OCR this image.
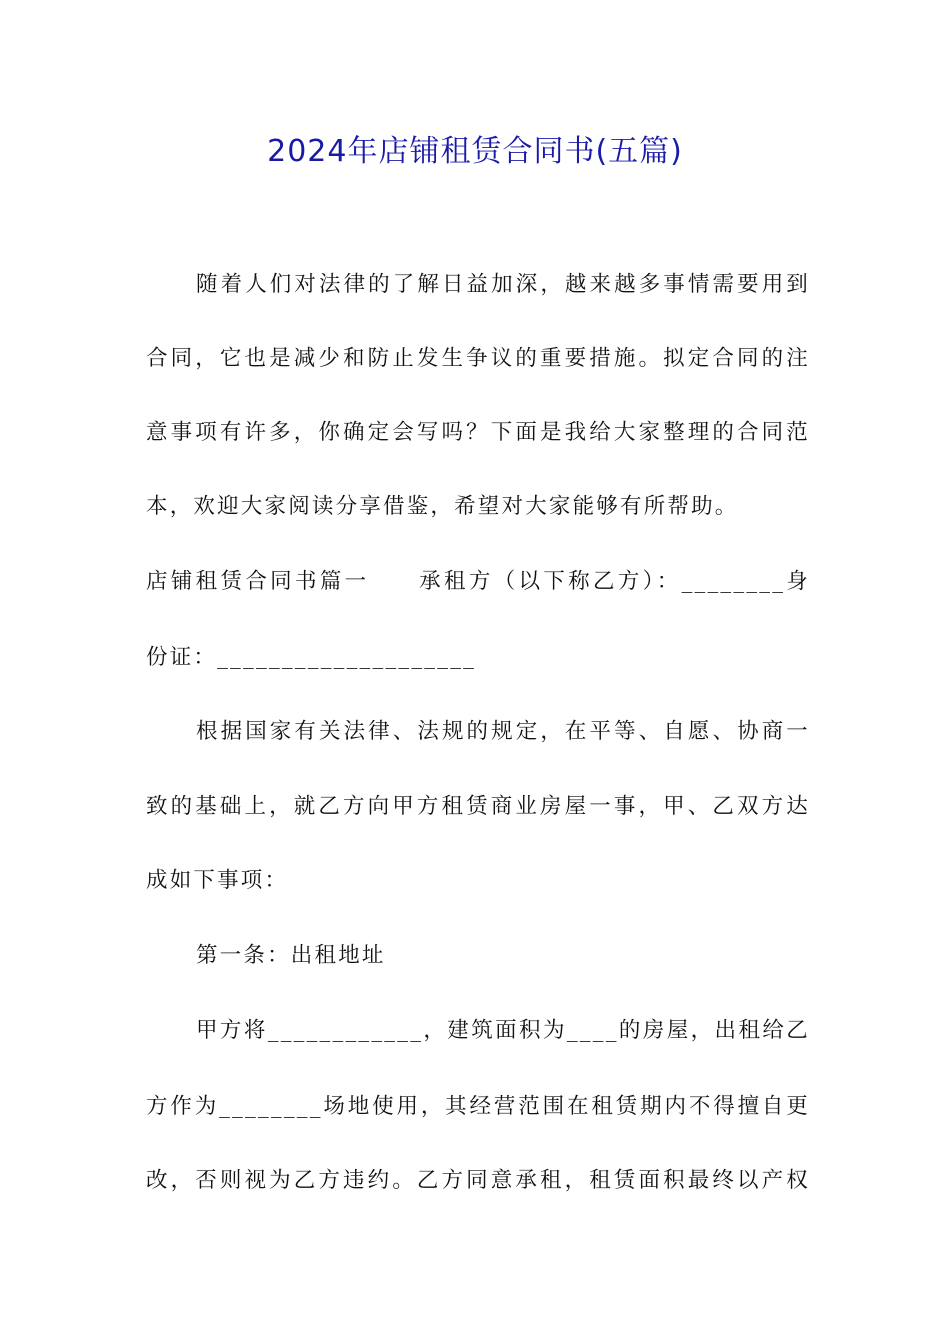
2024年店铺租赁合同书(五篇)
随着人们对法律的了解日益加深，越来越多事情需要用到
合同，它也是减少和防止发生争议的重要措施。拟定合同的注
意事项有许多，你确定会写吗？下面是我给大家整理的合同范
本，欢迎大家阅读分享借鉴，希望对大家能够有所帮助。
店铺租赁合同书篇一　　承租方（以下称乙方）：________身
份证：____________________
根据国家有关法律、法规的规定，在平等、自愿、协商一
致的基础上，就乙方向甲方租赁商业房屋一事，甲、乙双方达
成如下事项：
第一条：出租地址
甲方将____________，建筑面积为____的房屋，出租给乙
方作为________场地使用，其经营范围在租赁期内不得擅自更
改，否则视为乙方违约。乙方同意承租，租赁面积最终以产权
